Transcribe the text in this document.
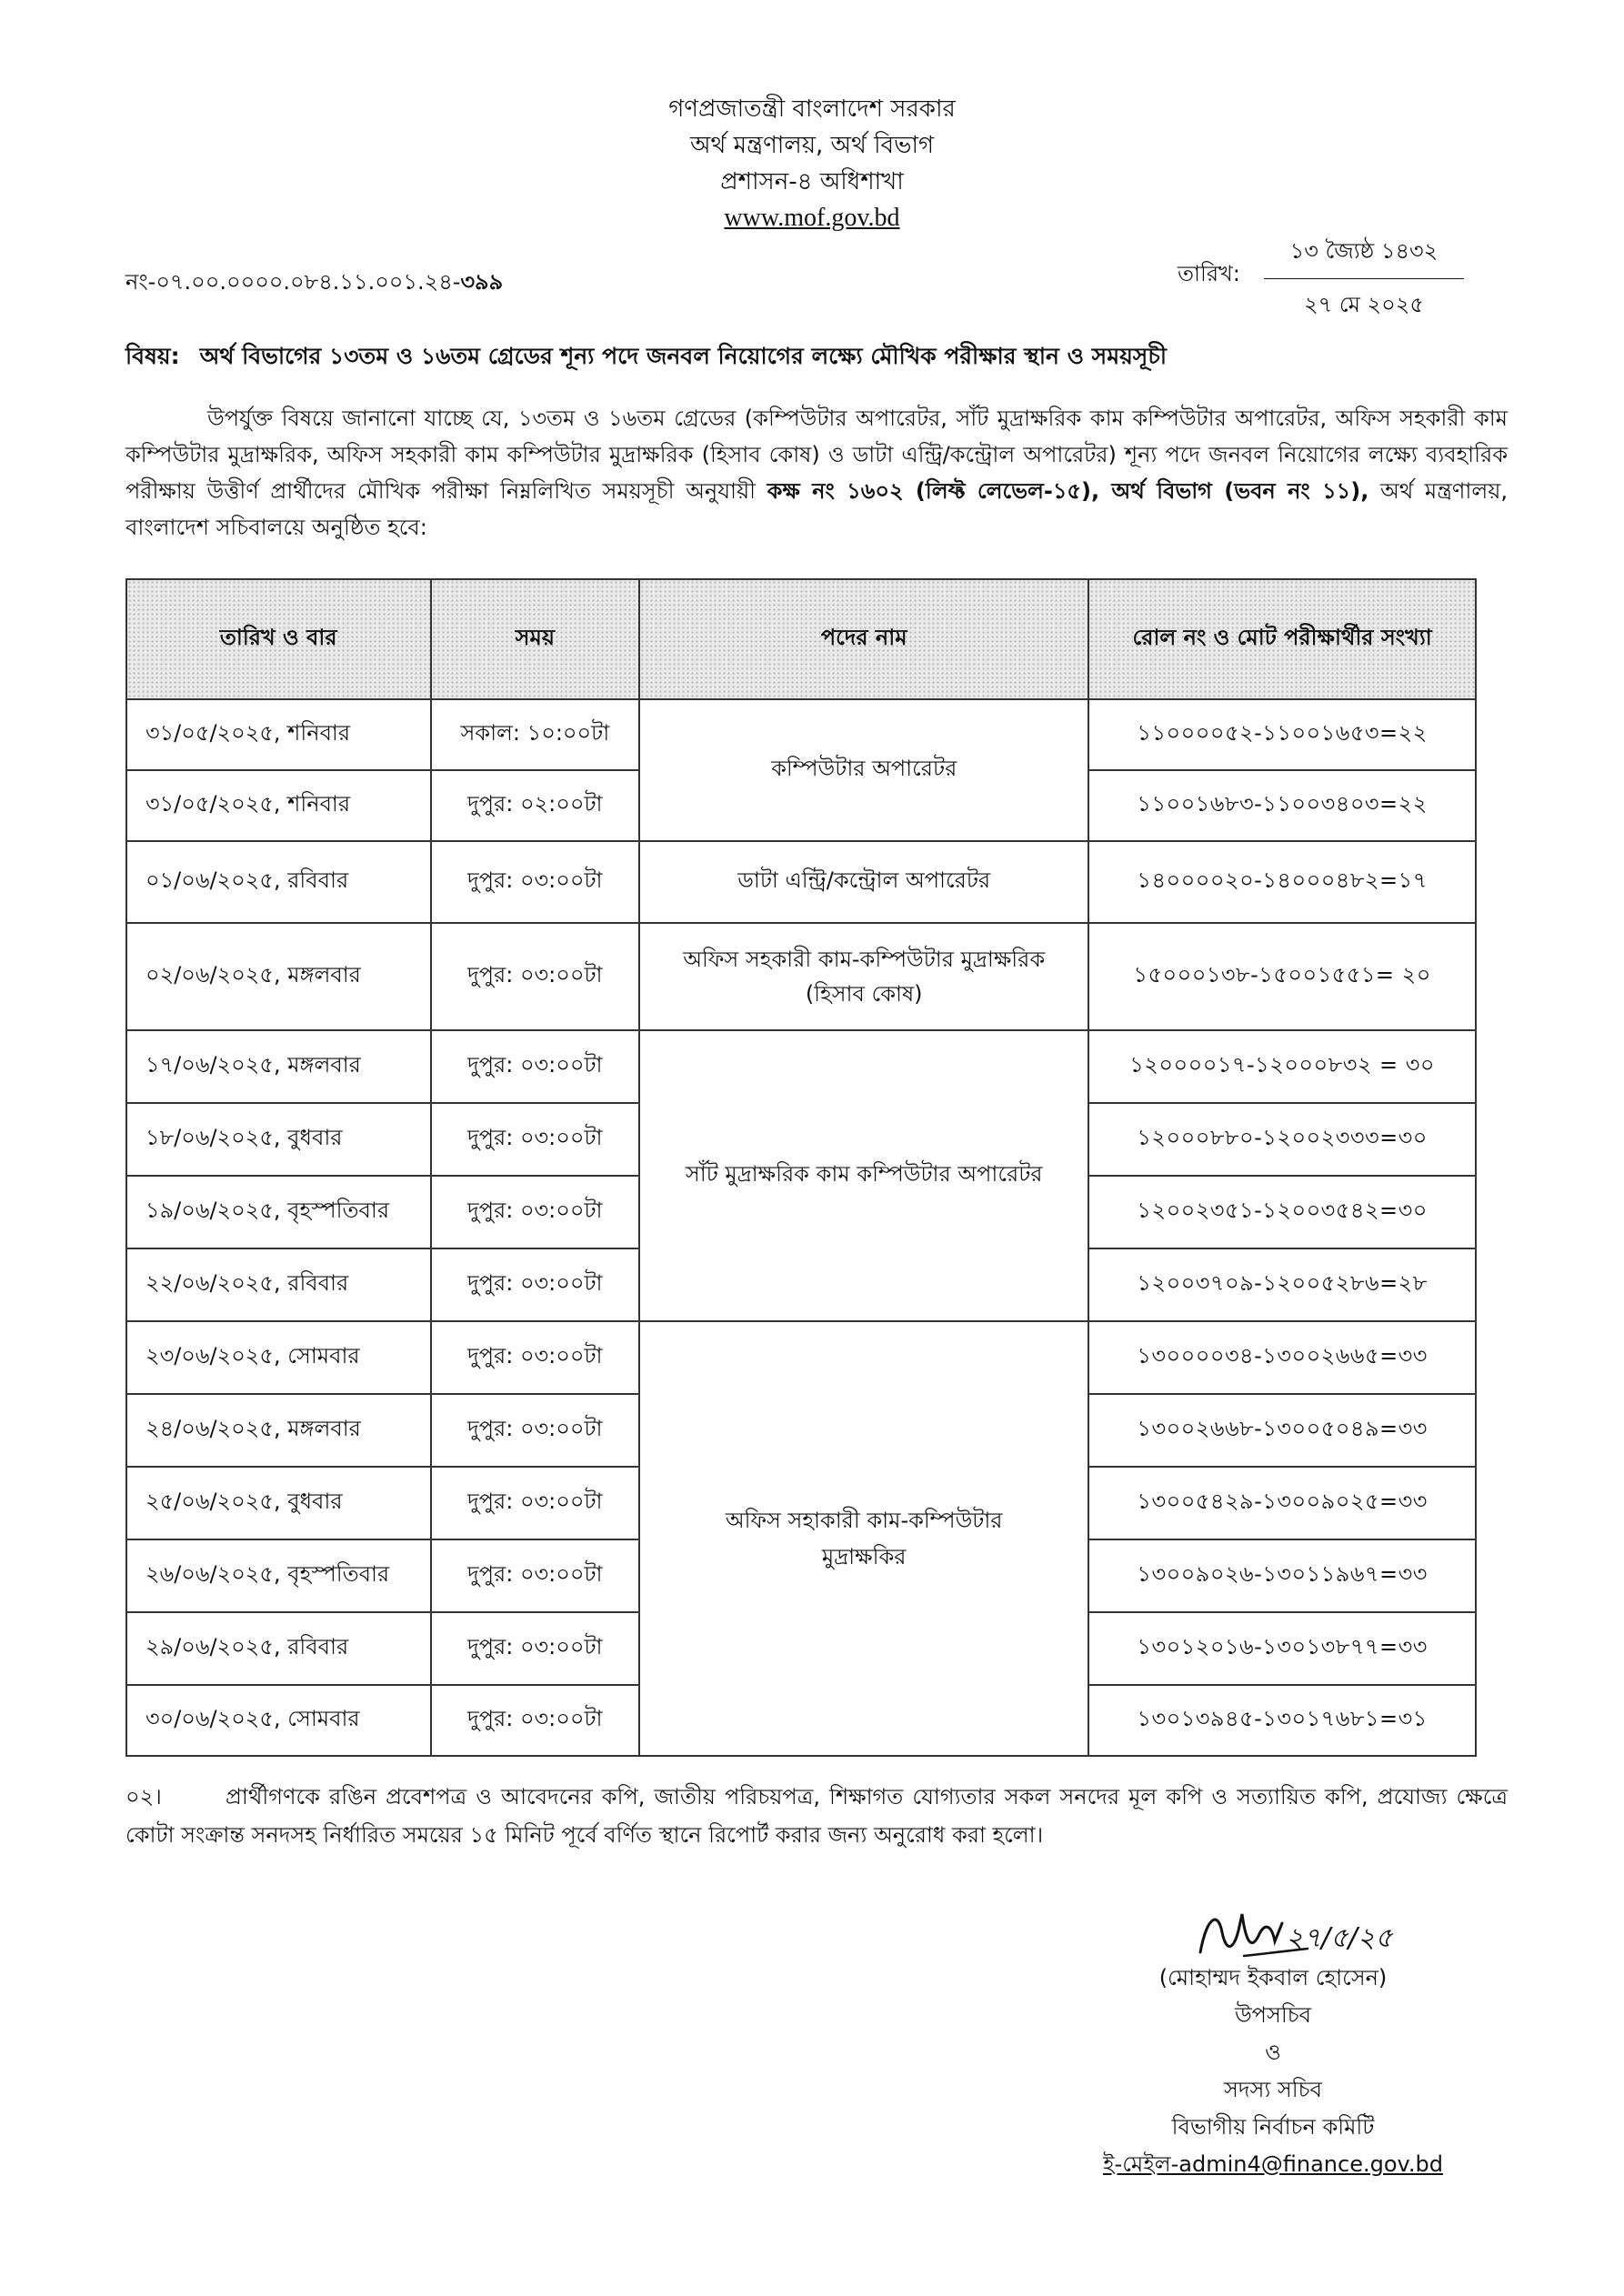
গণপ্রজাতন্ত্রী বাংলাদেশ সরকার
অর্থ মন্ত্রণালয়, অর্থ বিভাগ
প্রশাসন-৪ অধিশাখা
www.mof.gov.bd
নং-০৭.০০.০০০০.০৮৪.১১.০০১.২৪-৩৯৯	তারিখ:
১৩ জ্যৈষ্ঠ ১৪৩২
২৭ মে ২০২৫
বিষয়: অর্থ বিভাগের ১৩তম ও ১৬তম গ্রেডের শূন্য পদে জনবল নিয়োগের লক্ষ্যে মৌখিক পরীক্ষার স্থান ও সময়সূচী
উপর্যুক্ত বিষয়ে জানানো যাচ্ছে যে, ১৩তম ও ১৬তম গ্রেডের (কম্পিউটার অপারেটর, সাঁট মুদ্রাক্ষরিক কাম কম্পিউটার অপারেটর, অফিস সহকারী কাম কম্পিউটার মুদ্রাক্ষরিক, অফিস সহকারী কাম কম্পিউটার মুদ্রাক্ষরিক (হিসাব কোষ) ও ডাটা এন্ট্রি/কন্ট্রোল অপারেটর) শূন্য পদে জনবল নিয়োগের লক্ষ্যে ব্যবহারিক পরীক্ষায় উত্তীর্ণ প্রার্থীদের মৌখিক পরীক্ষা নিম্নলিখিত সময়সূচী অনুযায়ী কক্ষ নং ১৬০২ (লিফ্ট লেভেল-১৫), অর্থ বিভাগ (ভবন নং ১১), অর্থ মন্ত্রণালয়, বাংলাদেশ সচিবালয়ে অনুষ্ঠিত হবে:
তারিখ ও বার	সময়	পদের নাম	রোল নং ও মোট পরীক্ষার্থীর সংখ্যা
৩১/০৫/২০২৫, শনিবার	সকাল: ১০:০০টা	কম্পিউটার অপারেটর	১১০০০০৫২-১১০০১৬৫৩=২২
৩১/০৫/২০২৫, শনিবার	দুপুর: ০২:০০টা		১১০০১৬৮৩-১১০০৩৪০৩=২২
০১/০৬/২০২৫, রবিবার	দুপুর: ০৩:০০টা	ডাটা এন্ট্রি/কন্ট্রোল অপারেটর	১৪০০০০২০-১৪০০০৪৮২=১৭
০২/০৬/২০২৫, মঙ্গলবার	দুপুর: ০৩:০০টা	অফিস সহকারী কাম-কম্পিউটার মুদ্রাক্ষরিক (হিসাব কোষ)	১৫০০০১৩৮-১৫০০১৫৫১= ২০
১৭/০৬/২০২৫, মঙ্গলবার	দুপুর: ০৩:০০টা	সাঁট মুদ্রাক্ষরিক কাম কম্পিউটার অপারেটর	১২০০০০১৭-১২০০০৮৩২ = ৩০
১৮/০৬/২০২৫, বুধবার	দুপুর: ০৩:০০টা		১২০০০৮৮০-১২০০২৩৩৩=৩০
১৯/০৬/২০২৫, বৃহস্পতিবার	দুপুর: ০৩:০০টা		১২০০২৩৫১-১২০০৩৫৪২=৩০
২২/০৬/২০২৫, রবিবার	দুপুর: ০৩:০০টা		১২০০৩৭০৯-১২০০৫২৮৬=২৮
২৩/০৬/২০২৫, সোমবার	দুপুর: ০৩:০০টা	অফিস সহাকারী কাম-কম্পিউটার মুদ্রাক্ষকির	১৩০০০০৩৪-১৩০০২৬৬৫=৩৩
২৪/০৬/২০২৫, মঙ্গলবার	দুপুর: ০৩:০০টা		১৩০০২৬৬৮-১৩০০৫০৪৯=৩৩
২৫/০৬/২০২৫, বুধবার	দুপুর: ০৩:০০টা		১৩০০৫৪২৯-১৩০০৯০২৫=৩৩
২৬/০৬/২০২৫, বৃহস্পতিবার	দুপুর: ০৩:০০টা		১৩০০৯০২৬-১৩০১১৯৬৭=৩৩
২৯/০৬/২০২৫, রবিবার	দুপুর: ০৩:০০টা		১৩০১২০১৬-১৩০১৩৮৭৭=৩৩
৩০/০৬/২০২৫, সোমবার	দুপুর: ০৩:০০টা		১৩০১৩৯৪৫-১৩০১৭৬৮১=৩১
০২।	প্রার্থীগণকে রঙিন প্রবেশপত্র ও আবেদনের কপি, জাতীয় পরিচয়পত্র, শিক্ষাগত যোগ্যতার সকল সনদের মূল কপি ও সত্যায়িত কপি, প্রযোজ্য ক্ষেত্রে কোটা সংক্রান্ত সনদসহ নির্ধারিত সময়ের ১৫ মিনিট পূর্বে বর্ণিত স্থানে রিপোর্ট করার জন্য অনুরোধ করা হলো।
২৭/৫/২৫
(মোহাম্মদ ইকবাল হোসেন)
উপসচিব
ও
সদস্য সচিব
বিভাগীয় নির্বাচন কমিটি
ই-মেইল-admin4@finance.gov.bd
